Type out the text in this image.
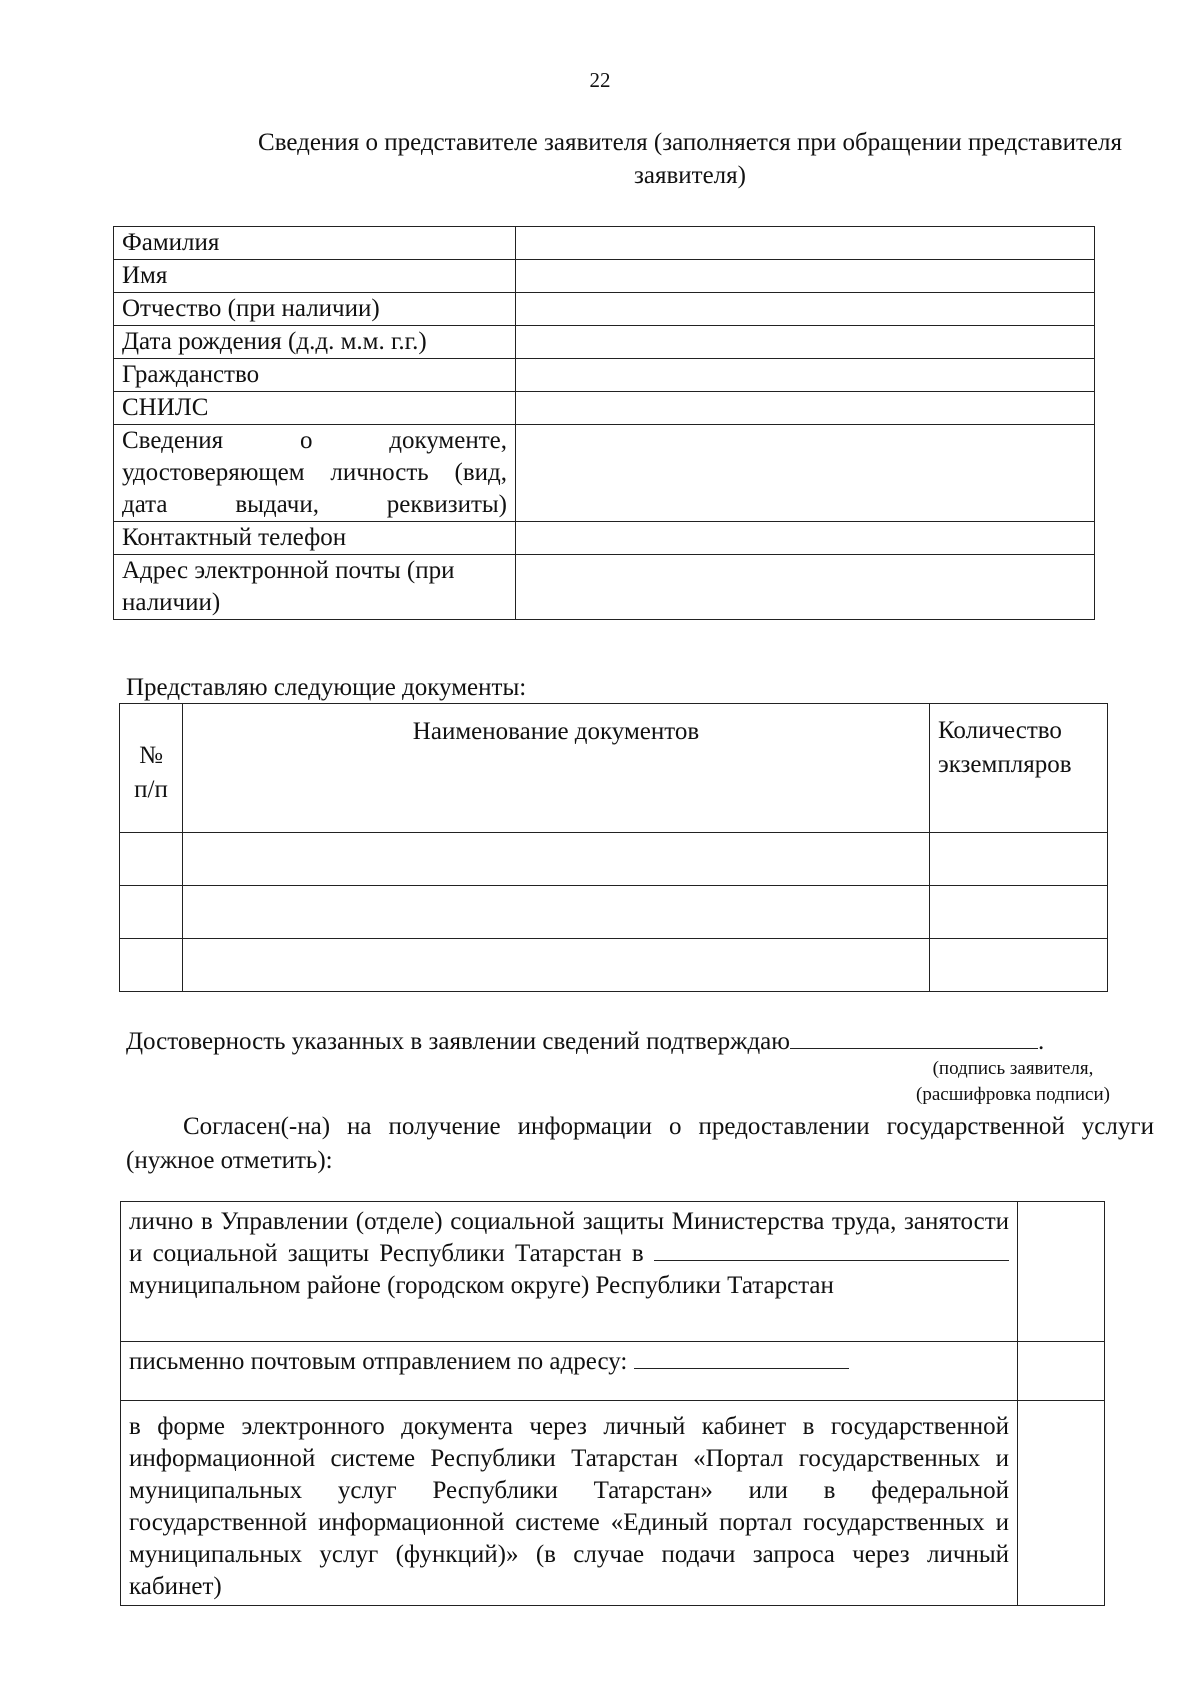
22
Сведения о представителе заявителя (заполняется при обращении представителя заявителя)
Фамилия	
Имя	
Отчество (при наличии)	
Дата рождения (д.д. м.м. г.г.)	
Гражданство	
СНИЛС	
Сведения о документе, удостоверяющем личность (вид, дата выдачи, реквизиты)	
Контактный телефон	
Адрес электронной почты (при наличии)	
Представляю следующие документы:
№ п/п	Наименование документов	Количество экземпляров

Достоверность указанных в заявлении сведений подтверждаю	.
(подпись заявителя, (расшифровка подписи)
Согласен(-на) на получение информации о предоставлении государственной услуги (нужное отметить):
лично в Управлении (отделе) социальной защиты Министерства труда, занятости и социальной защиты Республики Татарстан в муниципальном районе (городском округе) Республики Татарстан	
письменно почтовым отправлением по адресу:	
в форме электронного документа через личный кабинет в государственной информационной системе Республики Татарстан «Портал государственных и муниципальных услуг Республики Татарстан» или в федеральной государственной информационной системе «Единый портал государственных и муниципальных услуг (функций)» (в случае подачи запроса через личный кабинет)	
